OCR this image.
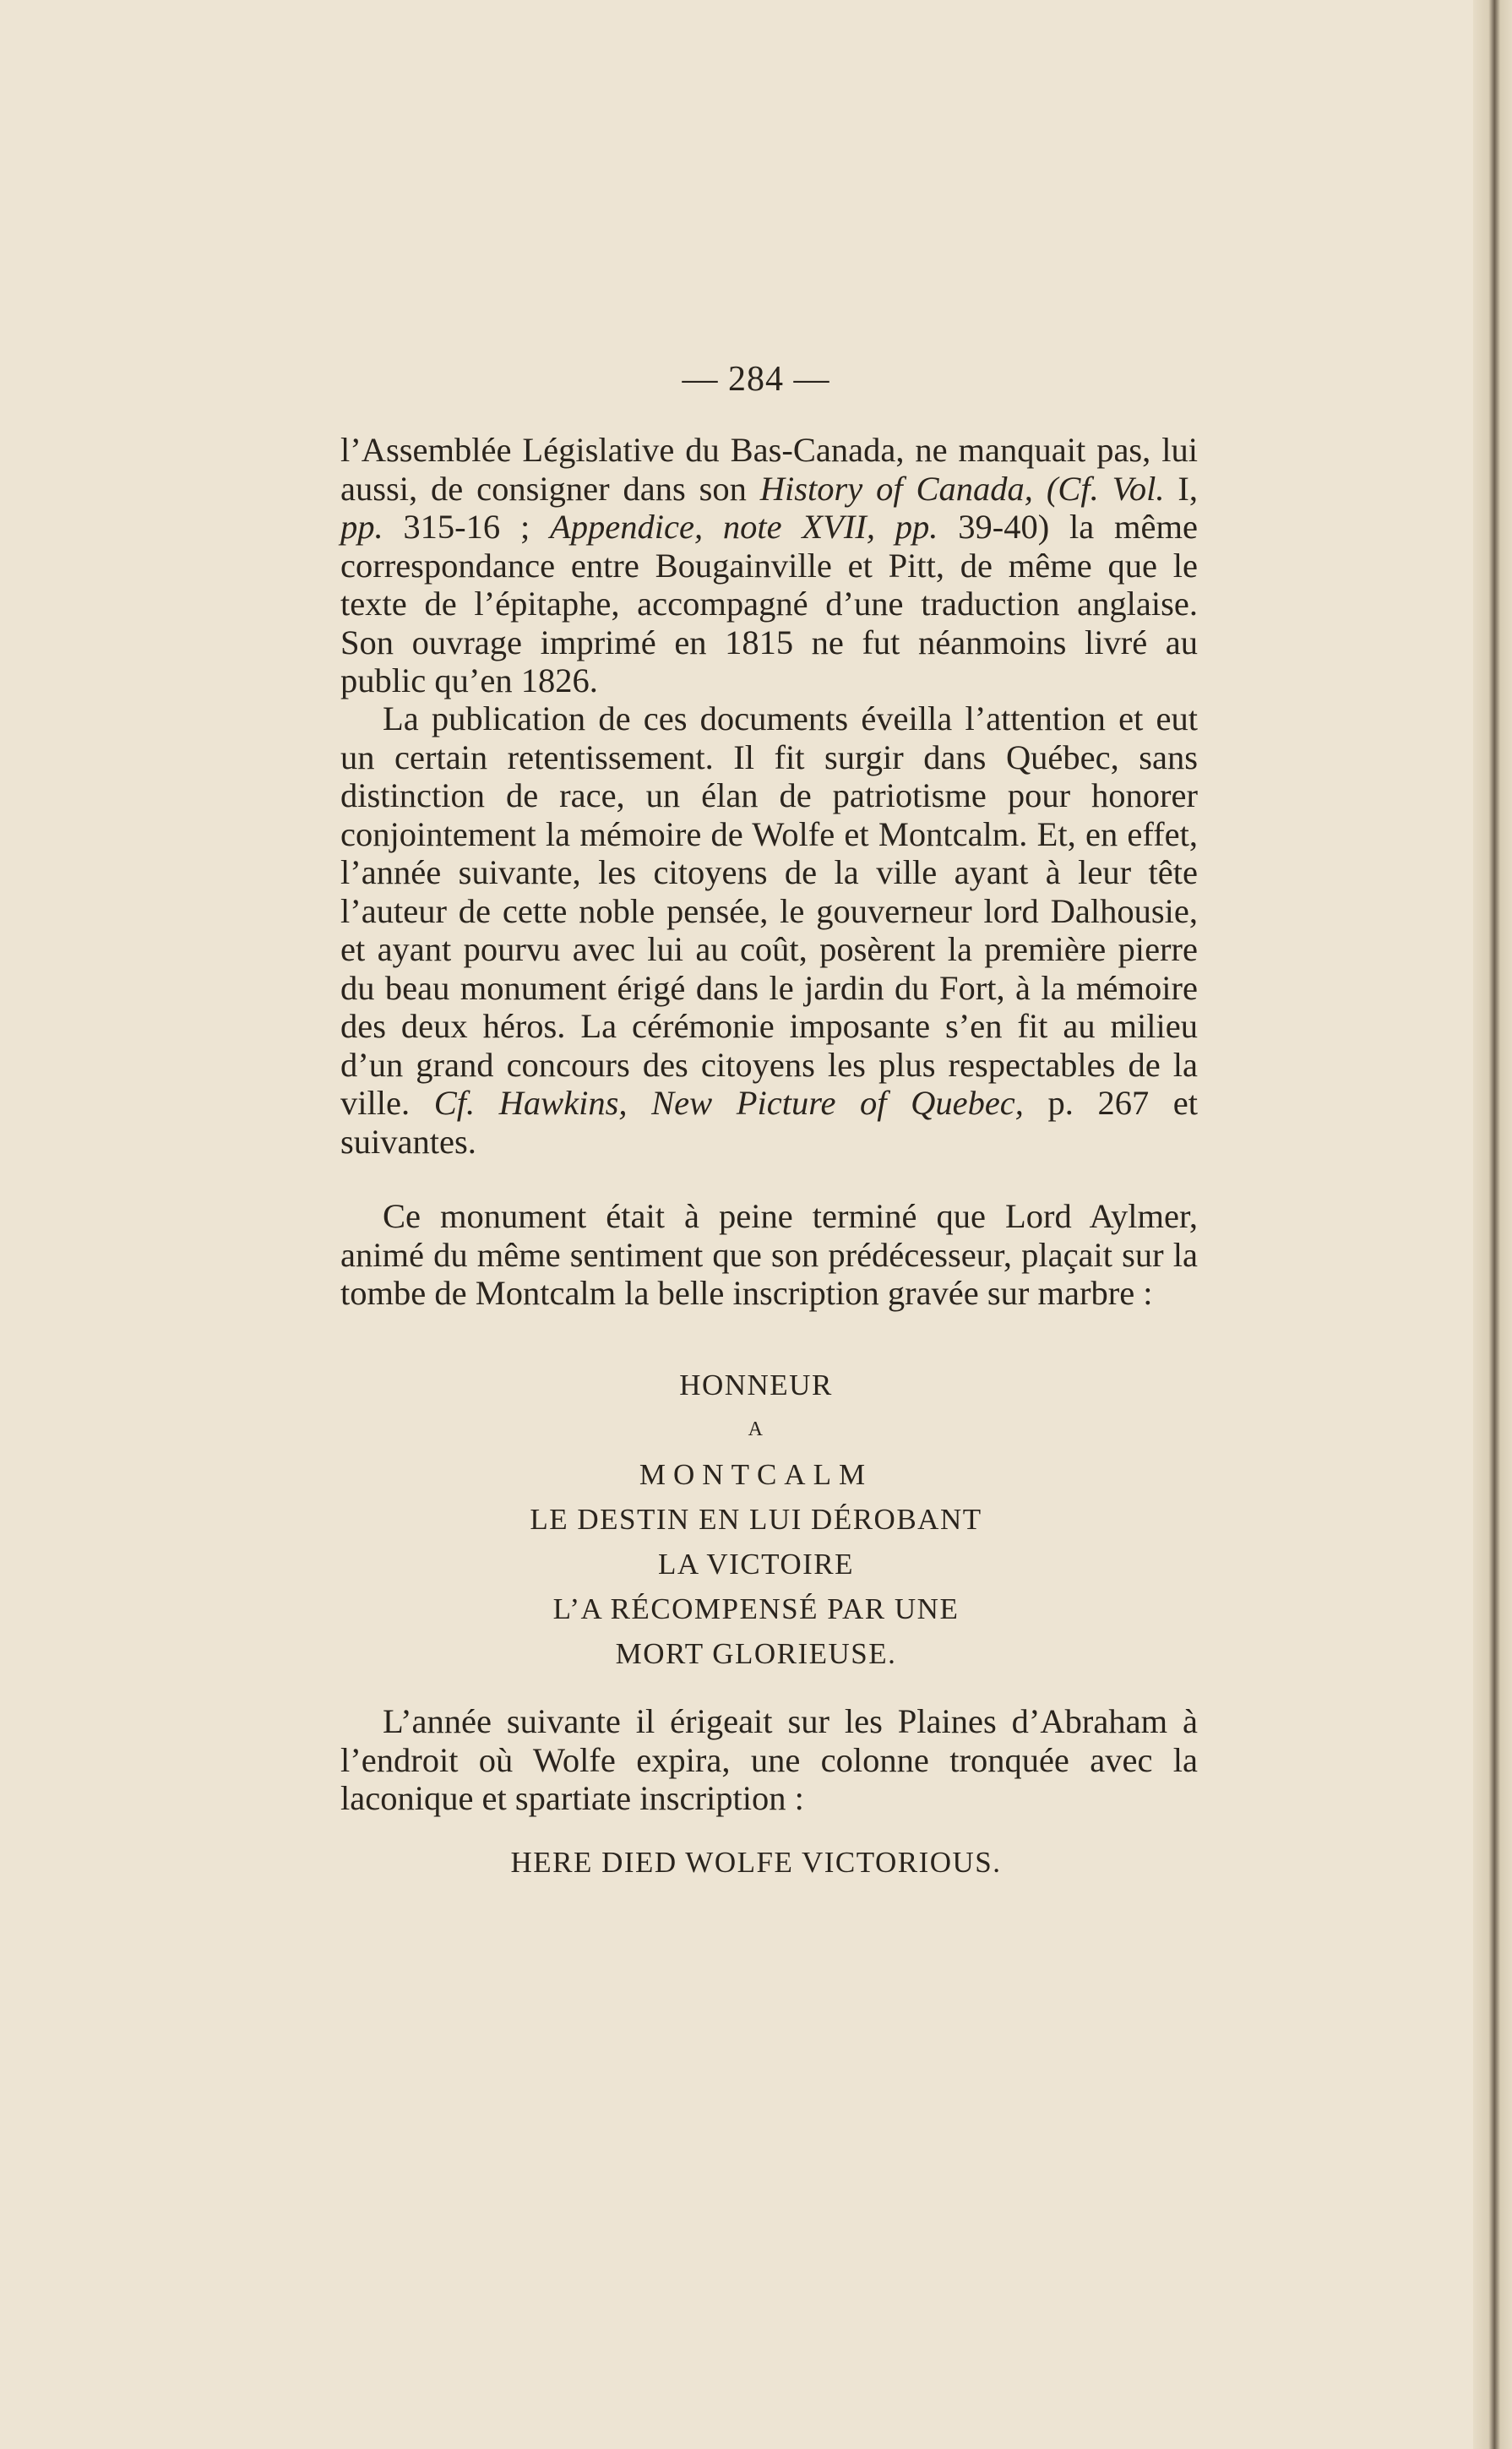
— 284 —

l’Assemblée Législative du Bas-Canada, ne manquait pas, lui aussi, de consigner dans son History of Canada, (Cf. Vol. I, pp. 315-16 ; Appendice, note XVII, pp. 39-40) la même correspondance entre Bougainville et Pitt, de même que le texte de l’épitaphe, accompagné d’une traduction anglaise. Son ouvrage imprimé en 1815 ne fut néanmoins livré au public qu’en 1826.

La publication de ces documents éveilla l’attention et eut un certain retentissement. Il fit surgir dans Québec, sans distinction de race, un élan de patriotisme pour honorer conjointement la mémoire de Wolfe et Montcalm. Et, en effet, l’année suivante, les citoyens de la ville ayant à leur tête l’auteur de cette noble pensée, le gouverneur lord Dalhousie, et ayant pourvu avec lui au coût, posèrent la première pierre du beau monument érigé dans le jardin du Fort, à la mémoire des deux héros. La cérémonie imposante s’en fit au milieu d’un grand concours des citoyens les plus respectables de la ville. Cf. Hawkins, New Picture of Quebec, p. 267 et suivantes.

Ce monument était à peine terminé que Lord Aylmer, animé du même sentiment que son prédécesseur, plaçait sur la tombe de Montcalm la belle inscription gravée sur marbre :

HONNEUR
A
MONTCALM
LE DESTIN EN LUI DÉROBANT
LA VICTOIRE
L’A RÉCOMPENSÉ PAR UNE
MORT GLORIEUSE.

L’année suivante il érigeait sur les Plaines d’Abraham à l’endroit où Wolfe expira, une colonne tronquée avec la laconique et spartiate inscription :

HERE DIED WOLFE VICTORIOUS.
